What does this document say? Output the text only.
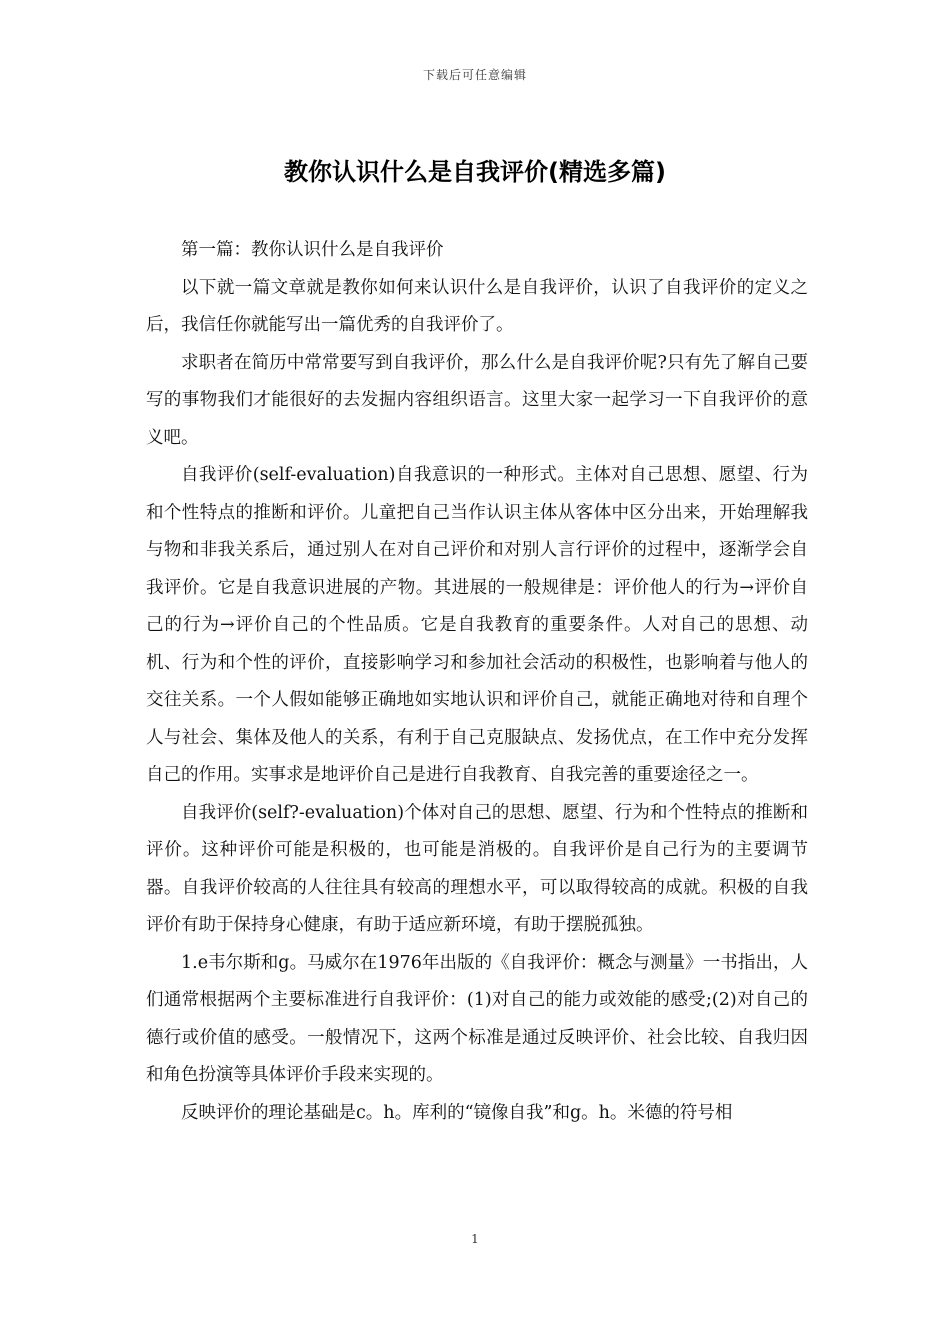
下载后可任意编辑
教你认识什么是自我评价(精选多篇)

第一篇：教你认识什么是自我评价

以下就一篇文章就是教你如何来认识什么是自我评价，认识了自我评价的定义之后，我信任你就能写出一篇优秀的自我评价了。

求职者在简历中常常要写到自我评价，那么什么是自我评价呢?只有先了解自己要写的事物我们才能很好的去发掘内容组织语言。这里大家一起学习一下自我评价的意义吧。

自我评价(self-evaluation)自我意识的一种形式。主体对自己思想、愿望、行为和个性特点的推断和评价。儿童把自己当作认识主体从客体中区分出来，开始理解我与物和非我关系后，通过别人在对自己评价和对别人言行评价的过程中，逐渐学会自我评价。它是自我意识进展的产物。其进展的一般规律是：评价他人的行为→评价自己的行为→评价自己的个性品质。它是自我教育的重要条件。人对自己的思想、动机、行为和个性的评价，直接影响学习和参加社会活动的积极性，也影响着与他人的交往关系。一个人假如能够正确地如实地认识和评价自己，就能正确地对待和自理个人与社会、集体及他人的关系，有利于自己克服缺点、发扬优点，在工作中充分发挥自己的作用。实事求是地评价自己是进行自我教育、自我完善的重要途径之一。

自我评价(self?-evaluation)个体对自己的思想、愿望、行为和个性特点的推断和评价。这种评价可能是积极的，也可能是消极的。自我评价是自己行为的主要调节器。自我评价较高的人往往具有较高的理想水平，可以取得较高的成就。积极的自我评价有助于保持身心健康，有助于适应新环境，有助于摆脱孤独。

1.e韦尔斯和g。马威尔在1976年出版的《自我评价：概念与测量》一书指出，人们通常根据两个主要标准进行自我评价：(1)对自己的能力或效能的感受;(2)对自己的德行或价值的感受。一般情况下，这两个标准是通过反映评价、社会比较、自我归因和角色扮演等具体评价手段来实现的。

反映评价的理论基础是c。h。库利的“镜像自我”和g。h。米德的符号相

1
